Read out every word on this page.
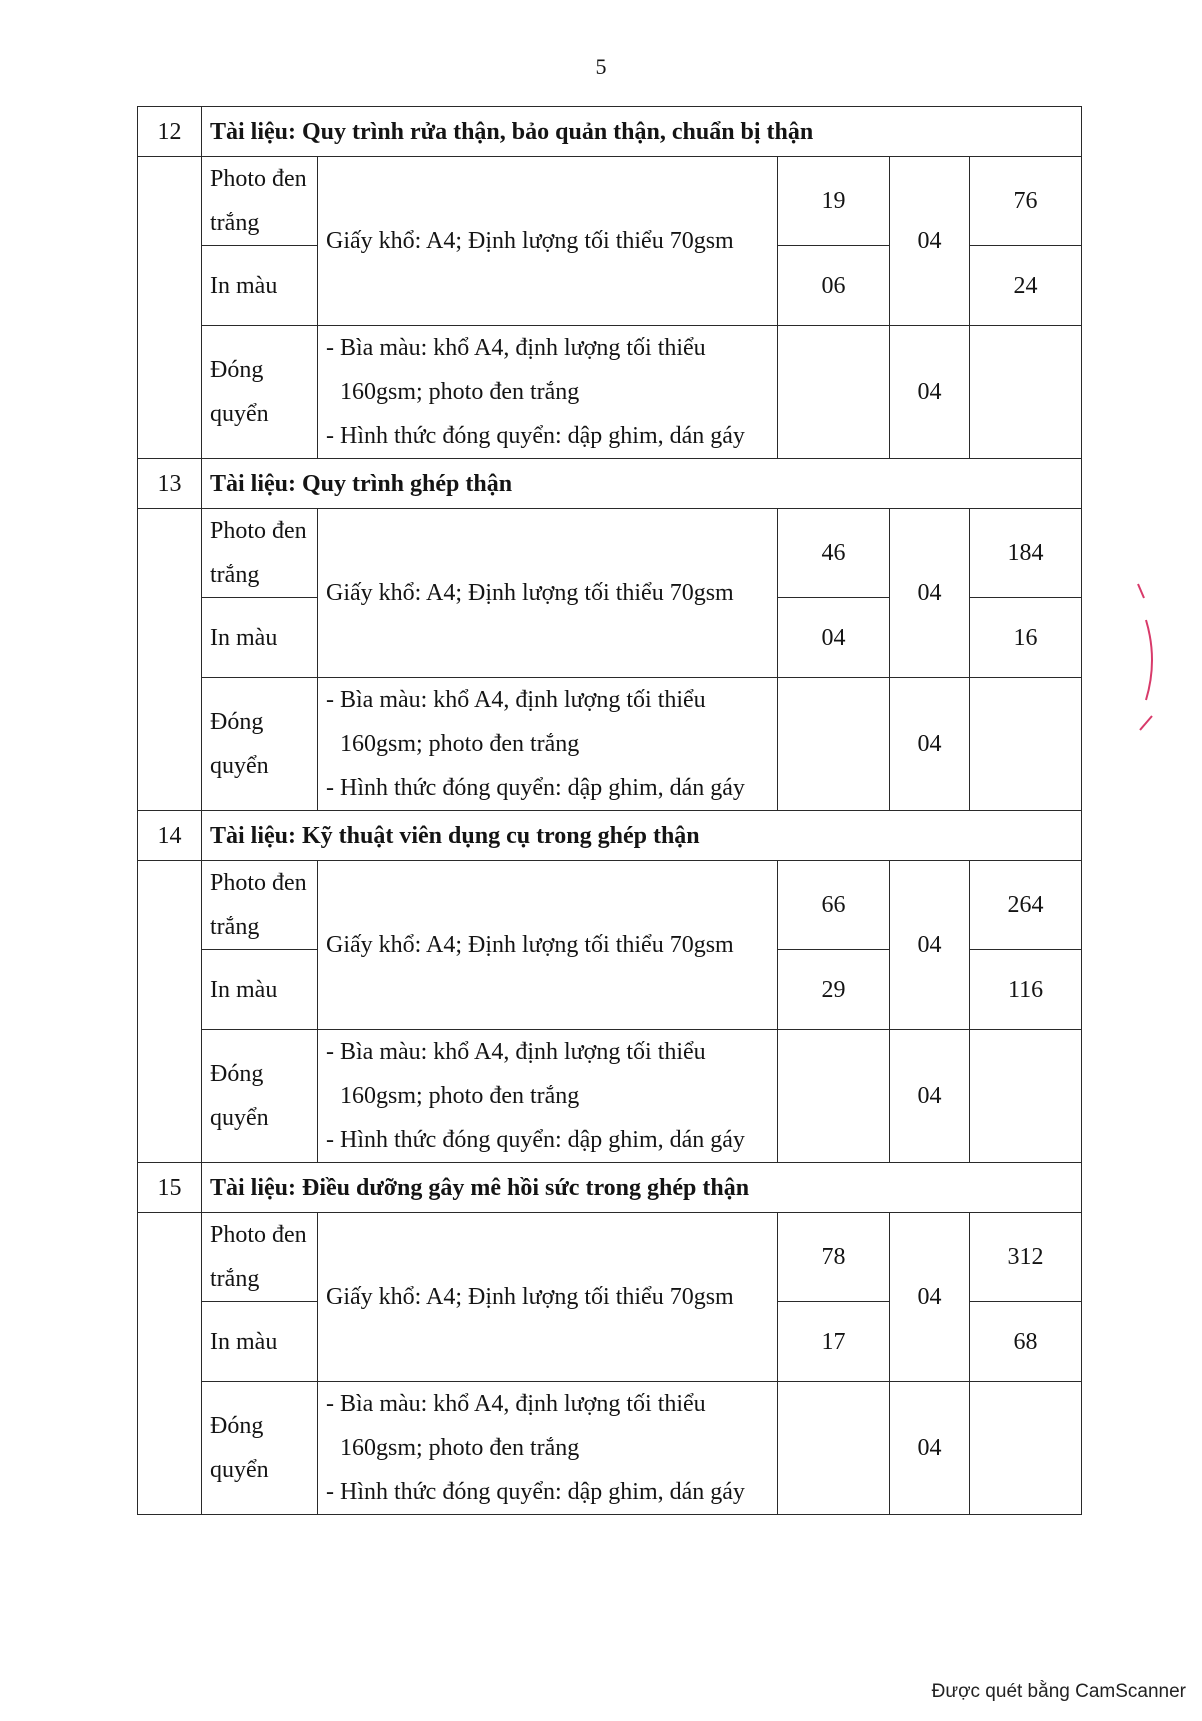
5
12	Tài liệu: Quy trình rửa thận, bảo quản thận, chuẩn bị thận				
	Photo đen trắng	Giấy khổ: A4; Định lượng tối thiểu 70gsm	19	04	76
	In màu		06		24
	Đóng quyển	- Bìa màu: khổ A4, định lượng tối thiểu
160gsm; photo đen trắng
- Hình thức đóng quyển: dập ghim, dán gáy		04	
13	Tài liệu: Quy trình ghép thận				
	Photo đen trắng	Giấy khổ: A4; Định lượng tối thiểu 70gsm	46	04	184
	In màu		04		16
	Đóng quyển	- Bìa màu: khổ A4, định lượng tối thiểu
160gsm; photo đen trắng
- Hình thức đóng quyển: dập ghim, dán gáy		04	
14	Tài liệu: Kỹ thuật viên dụng cụ trong ghép thận				
	Photo đen trắng	Giấy khổ: A4; Định lượng tối thiểu 70gsm	66	04	264
	In màu		29		116
	Đóng quyển	- Bìa màu: khổ A4, định lượng tối thiểu
160gsm; photo đen trắng
- Hình thức đóng quyển: dập ghim, dán gáy		04	
15	Tài liệu: Điều dưỡng gây mê hồi sức trong ghép thận				
	Photo đen trắng	Giấy khổ: A4; Định lượng tối thiểu 70gsm	78	04	312
	In màu		17		68
	Đóng quyển	- Bìa màu: khổ A4, định lượng tối thiểu
160gsm; photo đen trắng
- Hình thức đóng quyển: dập ghim, dán gáy		04	
Được quét bằng CamScanner
